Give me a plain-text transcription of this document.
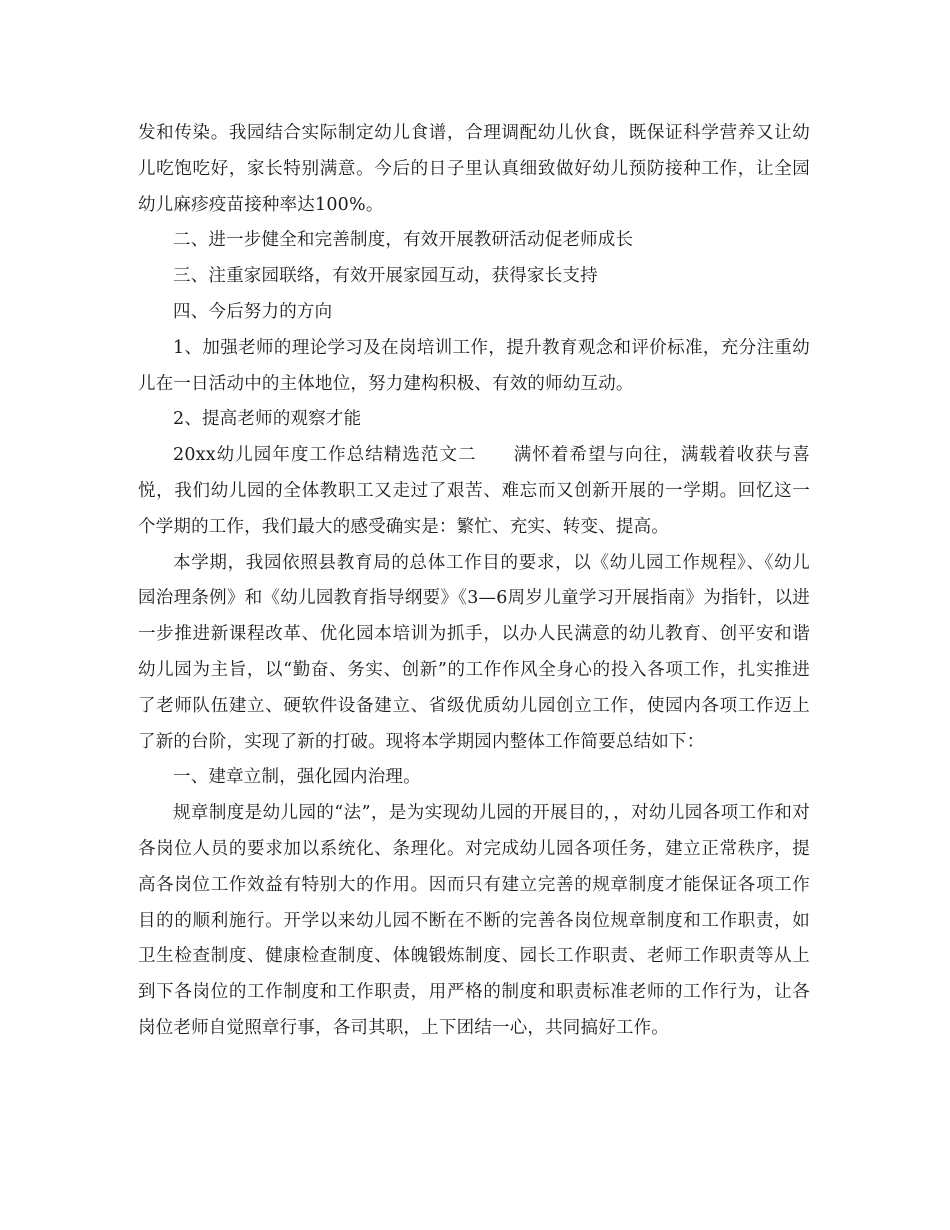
发和传染。我园结合实际制定幼儿食谱，合理调配幼儿伙食，既保证科学营养又让幼儿吃饱吃好，家长特别满意。今后的日子里认真细致做好幼儿预防接种工作，让全园幼儿麻疹疫苗接种率达100%。

二、进一步健全和完善制度，有效开展教研活动促老师成长

三、注重家园联络，有效开展家园互动，获得家长支持

四、今后努力的方向

1、加强老师的理论学习及在岗培训工作，提升教育观念和评价标准，充分注重幼儿在一日活动中的主体地位，努力建构积极、有效的师幼互动。

2、提高老师的观察才能

20xx幼儿园年度工作总结精选范文二　　满怀着希望与向往，满载着收获与喜悦，我们幼儿园的全体教职工又走过了艰苦、难忘而又创新开展的一学期。回忆这一个学期的工作，我们最大的感受确实是：繁忙、充实、转变、提高。

本学期，我园依照县教育局的总体工作目的要求，以《幼儿园工作规程》、《幼儿园治理条例》和《幼儿园教育指导纲要》《3—6周岁儿童学习开展指南》为指针，以进一步推进新课程改革、优化园本培训为抓手，以办人民满意的幼儿教育、创平安和谐幼儿园为主旨，以“勤奋、务实、创新”的工作作风全身心的投入各项工作，扎实推进了老师队伍建立、硬软件设备建立、省级优质幼儿园创立工作，使园内各项工作迈上了新的台阶，实现了新的打破。现将本学期园内整体工作简要总结如下：

一、建章立制，强化园内治理。

规章制度是幼儿园的“法”，是为实现幼儿园的开展目的，，对幼儿园各项工作和对各岗位人员的要求加以系统化、条理化。对完成幼儿园各项任务，建立正常秩序，提高各岗位工作效益有特别大的作用。因而只有建立完善的规章制度才能保证各项工作目的的顺利施行。开学以来幼儿园不断在不断的完善各岗位规章制度和工作职责，如卫生检查制度、健康检查制度、体魄锻炼制度、园长工作职责、老师工作职责等从上到下各岗位的工作制度和工作职责，用严格的制度和职责标准老师的工作行为，让各岗位老师自觉照章行事，各司其职，上下团结一心，共同搞好工作。
